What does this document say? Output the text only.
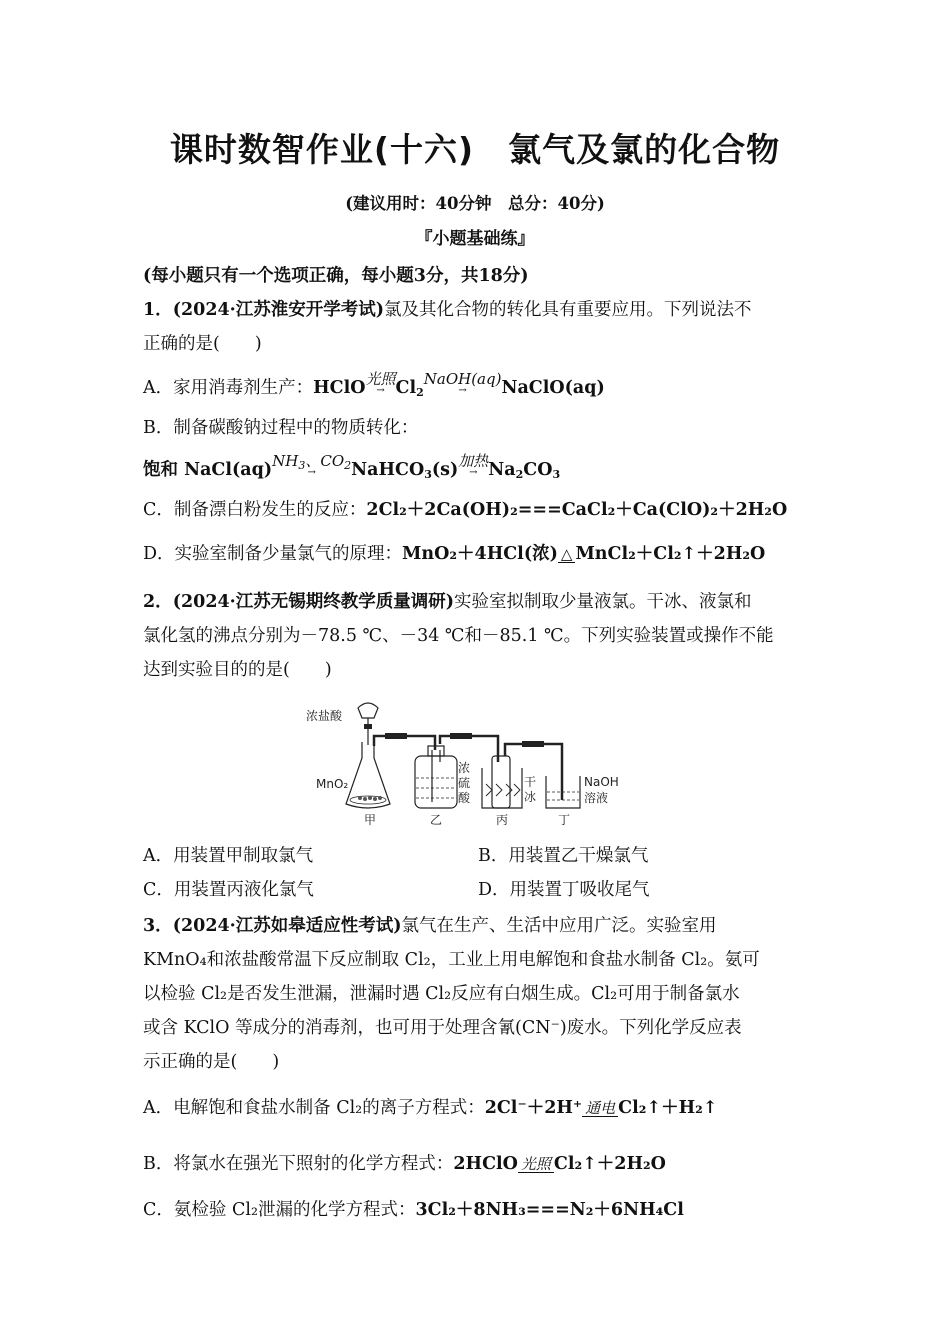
课时数智作业(十六)　氯气及氯的化合物
(建议用时：40分钟　总分：40分)
『小题基础练』
(每小题只有一个选项正确，每小题3分，共18分)
1．(2024·江苏淮安开学考试)氯及其化合物的转化具有重要应用。下列说法不
正确的是(　　)
A．家用消毒剂生产：HClO 光照
→ $Cl_2$
NaOH(aq)
→	NaClO(aq)
B．制备碳酸钠过程中的物质转化：
饱和 NaCl(aq) $NH_3$、$CO_2$
→	NaHCO$_3$(s) 加热
→ $Na_2CO_3$
C．制备漂白粉发生的反应：2Cl₂＋2Ca(OH)₂===CaCl₂＋Ca(ClO)₂＋2H₂O
D．实验室制备少量氯气的原理：MnO₂＋4HCl(浓) △ MnCl₂＋Cl₂↑＋2H₂O
2．(2024·江苏无锡期终教学质量调研)实验室拟制取少量液氯。干冰、液氯和
氯化氢的沸点分别为－78.5 ℃、－34 ℃和－85.1 ℃。下列实验装置或操作不能
达到实验目的的是(　　)
浓盐酸
MnO₂
浓
硫
酸
干
冰
NaOH
溶液
甲	乙	丙	丁
A．用装置甲制取氯气	B．用装置乙干燥氯气
C．用装置丙液化氯气	D．用装置丁吸收尾气
3．(2024·江苏如皋适应性考试)氯气在生产、生活中应用广泛。实验室用
KMnO₄和浓盐酸常温下反应制取 Cl₂，工业上用电解饱和食盐水制备 Cl₂。氨可
以检验 Cl₂是否发生泄漏，泄漏时遇 Cl₂反应有白烟生成。Cl₂可用于制备氯水
或含 KClO 等成分的消毒剂，也可用于处理含氰(CN⁻)废水。下列化学反应表
示正确的是(　　)
A．电解饱和食盐水制备 Cl₂的离子方程式：2Cl⁻＋2H⁺ 通电 Cl₂↑＋H₂↑
B．将氯水在强光下照射的化学方程式：2HClO 光照 Cl₂↑＋2H₂O
C．氨检验 Cl₂泄漏的化学方程式：3Cl₂＋8NH₃===N₂＋6NH₄Cl
